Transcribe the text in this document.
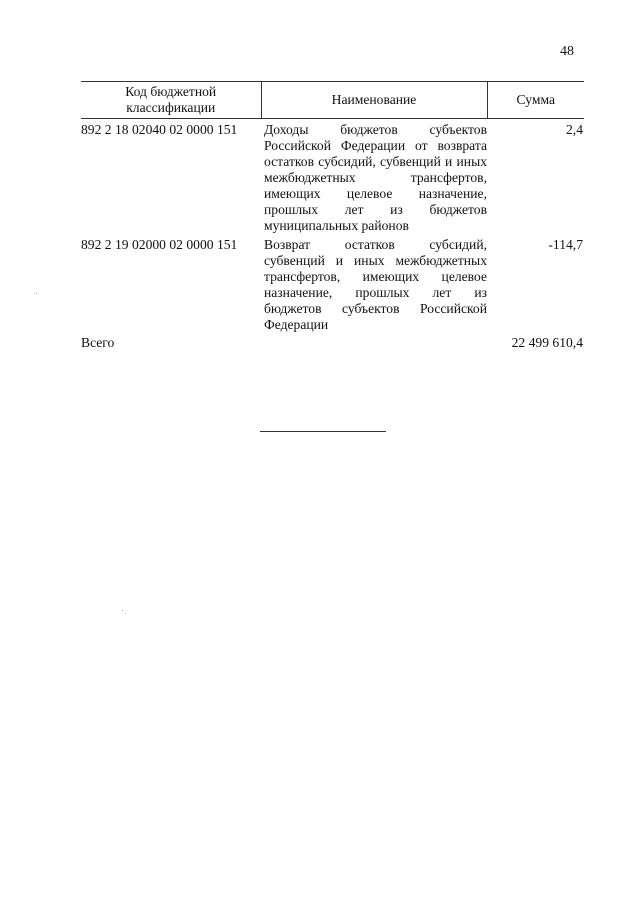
48
Код бюджетной классификации	Наименование	Сумма
892 2 18 02040 02 0000 151	Доходы бюджетов субъектов Российской Федерации от возврата остатков субсидий, субвенций и иных межбюджетных трансфертов, имеющих целевое назначение, прошлых лет из бюджетов муниципальных районов	2,4
892 2 19 02000 02 0000 151	Возврат остатков субсидий, субвенций и иных межбюджетных трансфертов, имеющих целевое назначение, прошлых лет из бюджетов субъектов Российской Федерации	-114,7
Всего		22 499 610,4
